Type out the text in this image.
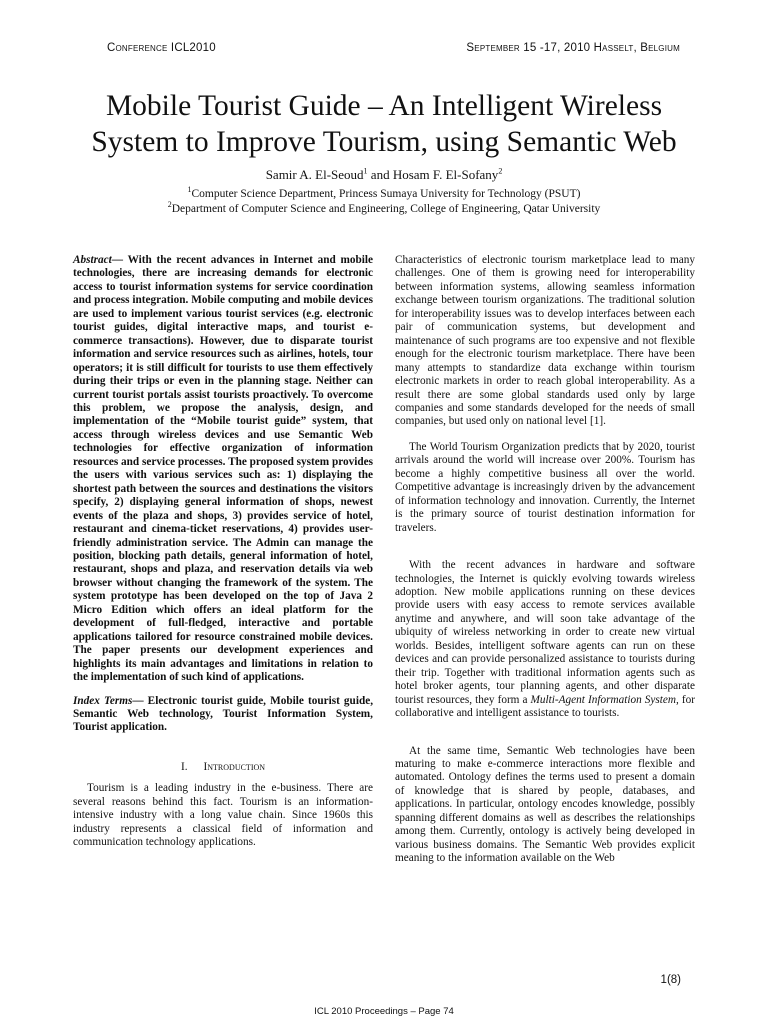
Conference ICL2010	September 15 -17, 2010 Hasselt, Belgium
Mobile Tourist Guide – An Intelligent Wireless
System to Improve Tourism, using Semantic Web
Samir A. El-Seoud$^1$ and Hosam F. El-Sofany$^2$
$^1$Computer Science Department, Princess Sumaya University for Technology (PSUT)
$^2$Department of Computer Science and Engineering, College of Engineering, Qatar University

Abstract— With the recent advances in Internet and mobile technologies, there are increasing demands for electronic access to tourist information systems for service coordination and process integration. Mobile computing and mobile devices are used to implement various tourist services (e.g. electronic tourist guides, digital interactive maps, and tourist e-commerce transactions). However, due to disparate tourist information and service resources such as airlines, hotels, tour operators; it is still difficult for tourists to use them effectively during their trips or even in the planning stage. Neither can current tourist portals assist tourists proactively. To overcome this problem, we propose the analysis, design, and implementation of the “Mobile tourist guide” system, that access through wireless devices and use Semantic Web technologies for effective organization of information resources and service processes. The proposed system provides the users with various services such as: 1) displaying the shortest path between the sources and destinations the visitors specify, 2) displaying general information of shops, newest events of the plaza and shops, 3) provides service of hotel, restaurant and cinema-ticket reservations, 4) provides user-friendly administration service. The Admin can manage the position, blocking path details, general information of hotel, restaurant, shops and plaza, and reservation details via web browser without changing the framework of the system. The system prototype has been developed on the top of Java 2 Micro Edition which offers an ideal platform for the development of full-fledged, interactive and portable applications tailored for resource constrained mobile devices. The paper presents our development experiences and highlights its main advantages and limitations in relation to the implementation of such kind of applications.

Index Terms— Electronic tourist guide, Mobile tourist guide, Semantic Web technology, Tourist Information System, Tourist application.

I. Introduction

Tourism is a leading industry in the e-business. There are several reasons behind this fact. Tourism is an information-intensive industry with a long value chain. Since 1960s this industry represents a classical field of information and communication technology applications.

Characteristics of electronic tourism marketplace lead to many challenges. One of them is growing need for interoperability between information systems, allowing seamless information exchange between tourism organizations. The traditional solution for interoperability issues was to develop interfaces between each pair of communication systems, but development and maintenance of such programs are too expensive and not flexible enough for the electronic tourism marketplace. There have been many attempts to standardize data exchange within tourism electronic markets in order to reach global interoperability. As a result there are some global standards used only by large companies and some standards developed for the needs of small companies, but used only on national level [1].

The World Tourism Organization predicts that by 2020, tourist arrivals around the world will increase over 200%. Tourism has become a highly competitive business all over the world. Competitive advantage is increasingly driven by the advancement of information technology and innovation. Currently, the Internet is the primary source of tourist destination information for travelers.

With the recent advances in hardware and software technologies, the Internet is quickly evolving towards wireless adoption. New mobile applications running on these devices provide users with easy access to remote services available anytime and anywhere, and will soon take advantage of the ubiquity of wireless networking in order to create new virtual worlds. Besides, intelligent software agents can run on these devices and can provide personalized assistance to tourists during their trip. Together with traditional information agents such as hotel broker agents, tour planning agents, and other disparate tourist resources, they form a Multi-Agent Information System, for collaborative and intelligent assistance to tourists.

At the same time, Semantic Web technologies have been maturing to make e-commerce interactions more flexible and automated. Ontology defines the terms used to present a domain of knowledge that is shared by people, databases, and applications. In particular, ontology encodes knowledge, possibly spanning different domains as well as describes the relationships among them. Currently, ontology is actively being developed in various business domains. The Semantic Web provides explicit meaning to the information available on the Web

1(8)
ICL 2010 Proceedings – Page 74
